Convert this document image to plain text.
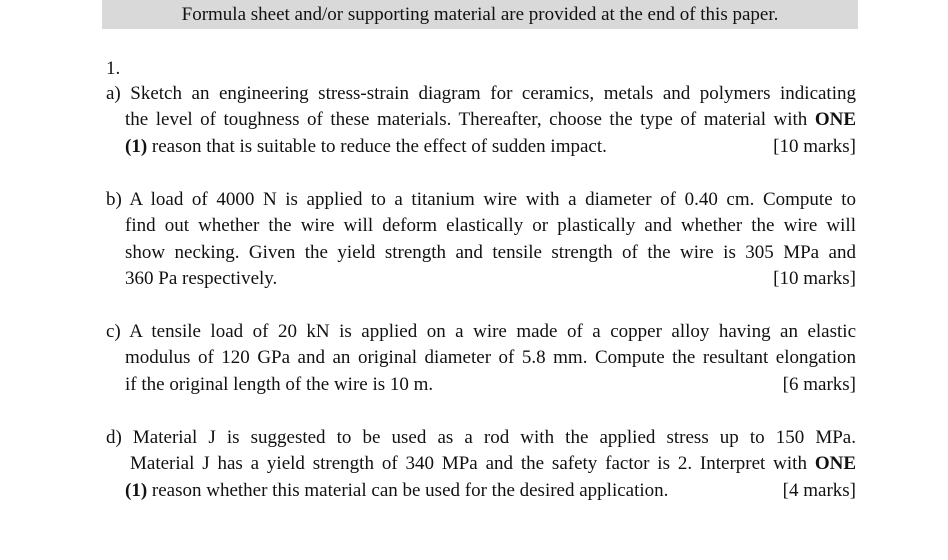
Formula sheet and/or supporting material are provided at the end of this paper.
1.
a) Sketch an engineering stress-strain diagram for ceramics, metals and polymers indicating
the level of toughness of these materials. Thereafter, choose the type of material with ONE
(1) reason that is suitable to reduce the effect of sudden impact.	[10 marks]
b) A load of 4000 N is applied to a titanium wire with a diameter of 0.40 cm. Compute to
find out whether the wire will deform elastically or plastically and whether the wire will
show necking. Given the yield strength and tensile strength of the wire is 305 MPa and
360 Pa respectively.	[10 marks]
c) A tensile load of 20 kN is applied on a wire made of a copper alloy having an elastic
modulus of 120 GPa and an original diameter of 5.8 mm. Compute the resultant elongation
if the original length of the wire is 10 m.	[6 marks]
d) Material J is suggested to be used as a rod with the applied stress up to 150 MPa.
Material J has a yield strength of 340 MPa and the safety factor is 2. Interpret with ONE
(1) reason whether this material can be used for the desired application.	[4 marks]
